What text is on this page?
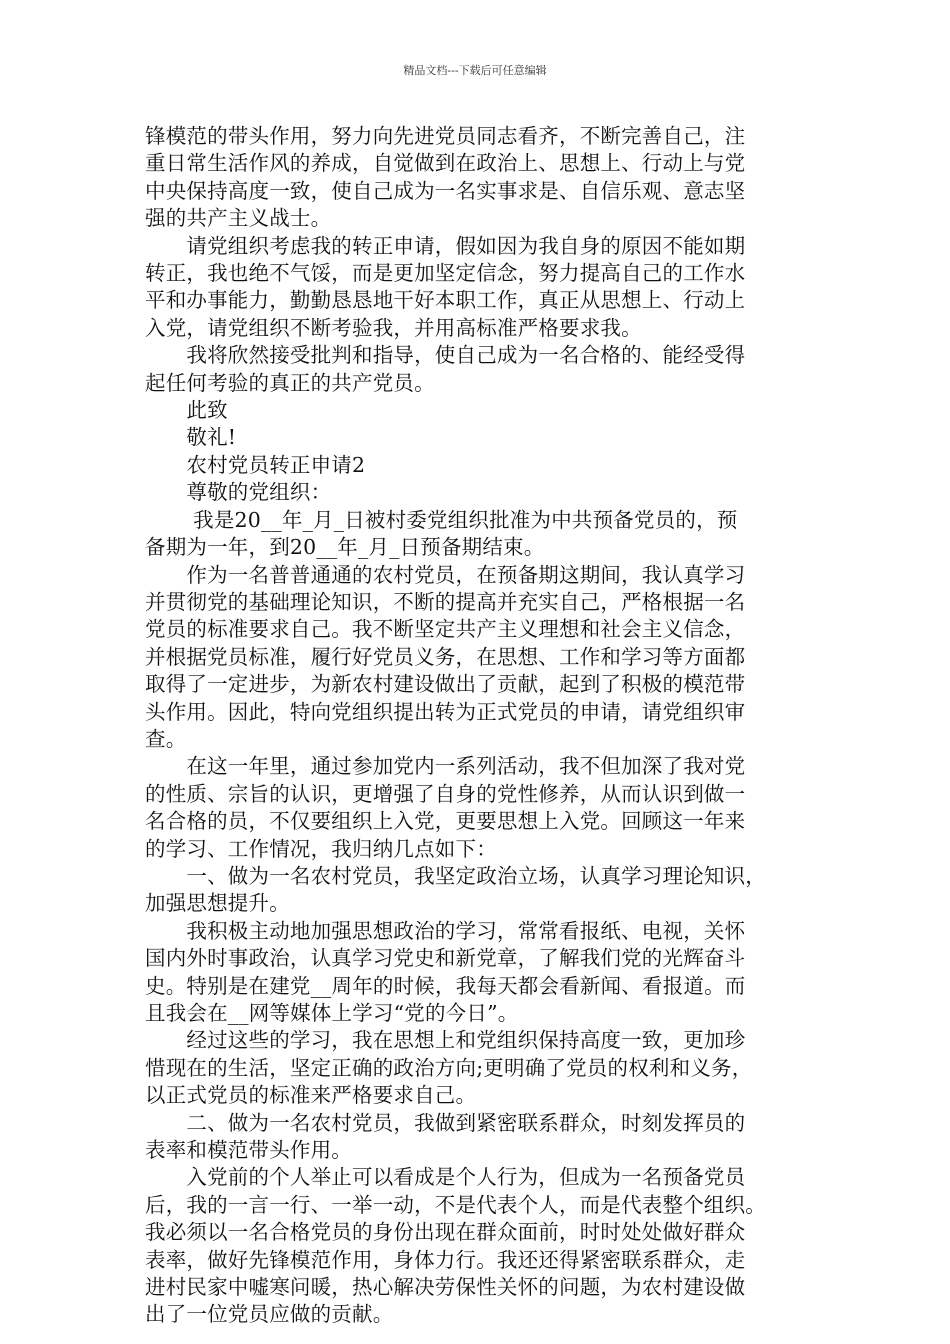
精品文档---下载后可任意编辑

锋模范的带头作用，努力向先进党员同志看齐，不断完善自己，注

重日常生活作风的养成，自觉做到在政治上、思想上、行动上与党

中央保持高度一致，使自己成为一名实事求是、自信乐观、意志坚

强的共产主义战士。

　　请党组织考虑我的转正申请，假如因为我自身的原因不能如期

转正，我也绝不气馁，而是更加坚定信念，努力提高自己的工作水

平和办事能力，勤勤恳恳地干好本职工作，真正从思想上、行动上

入党，请党组织不断考验我，并用高标准严格要求我。

　　我将欣然接受批判和指导，使自己成为一名合格的、能经受得

起任何考验的真正的共产党员。

　　此致

　　敬礼!

　　农村党员转正申请2

　　尊敬的党组织：

　　 我是20__年_月_日被村委党组织批准为中共预备党员的，预

备期为一年，到20__年_月_日预备期结束。

　　作为一名普普通通的农村党员，在预备期这期间，我认真学习

并贯彻党的基础理论知识，不断的提高并充实自己，严格根据一名

党员的标准要求自己。我不断坚定共产主义理想和社会主义信念，

并根据党员标准，履行好党员义务，在思想、工作和学习等方面都

取得了一定进步，为新农村建设做出了贡献，起到了积极的模范带

头作用。因此，特向党组织提出转为正式党员的申请，请党组织审

查。

　　在这一年里，通过参加党内一系列活动，我不但加深了我对党

的性质、宗旨的认识，更增强了自身的党性修养，从而认识到做一

名合格的员，不仅要组织上入党，更要思想上入党。回顾这一年来

的学习、工作情况，我归纳几点如下：

　　一、做为一名农村党员，我坚定政治立场，认真学习理论知识，

加强思想提升。

　　我积极主动地加强思想政治的学习，常常看报纸、电视，关怀

国内外时事政治，认真学习党史和新党章，了解我们党的光辉奋斗

史。特别是在建党__周年的时候，我每天都会看新闻、看报道。而

且我会在__网等媒体上学习“党的今日”。

　　经过这些的学习，我在思想上和党组织保持高度一致，更加珍

惜现在的生活，坚定正确的政治方向;更明确了党员的权利和义务，

以正式党员的标准来严格要求自己。

　　二、做为一名农村党员，我做到紧密联系群众，时刻发挥员的

表率和模范带头作用。

　　入党前的个人举止可以看成是个人行为，但成为一名预备党员

后，我的一言一行、一举一动，不是代表个人，而是代表整个组织。

我必须以一名合格党员的身份出现在群众面前，时时处处做好群众

表率，做好先锋模范作用，身体力行。我还还得紧密联系群众，走

进村民家中嘘寒问暖，热心解决劳保性关怀的问题，为农村建设做

出了一位党员应做的贡献。
